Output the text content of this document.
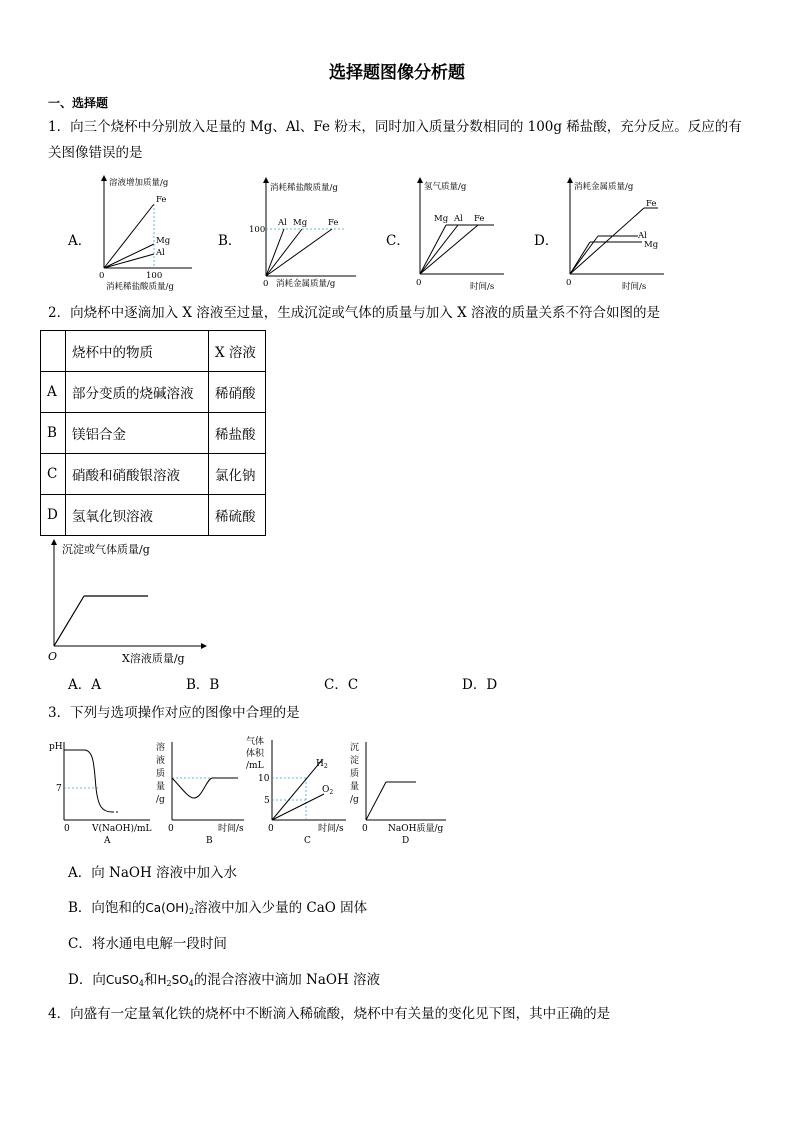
选择题图像分析题
一、选择题
1．向三个烧杯中分别放入足量的 Mg、Al、Fe 粉末，同时加入质量分数相同的 100g 稀盐酸，充分反应。反应的有关图像错误的是
A．	B．	C．	D．
溶液增加质量/g
Fe
Mg
Al
0	100
消耗稀盐酸质量/g
消耗稀盐酸质量/g
100
Al Mg Fe
0 消耗金属质量/g
氢气质量/g
Mg Al Fe
0	时间/s
消耗金属质量/g
Fe
Al
Mg
0	时间/s
2．向烧杯中逐滴加入 X 溶液至过量，生成沉淀或气体的质量与加入 X 溶液的质量关系不符合如图的是
	烧杯中的物质	X 溶液
A	部分变质的烧碱溶液	稀硝酸
B	镁铝合金	稀盐酸
C	硝酸和硝酸银溶液	氯化钠
D	氢氧化钡溶液	稀硫酸
沉淀或气体质量/g
O	X溶液质量/g
A．A	B．B	C．C	D．D
3．下列与选项操作对应的图像中合理的是
pH
7
0 V(NaOH)/mL
A
溶
液
质
量
/g
0	时间/s
B
气体
体积
/mL
10
5
$H_2$
$O_2$
0	时间/s
C
沉
淀
质
量
/g
0 NaOH质量/g
D
A．向 NaOH 溶液中加入水
B．向饱和的$Ca(OH)_2$溶液中加入少量的 CaO 固体
C．将水通电电解一段时间
D．向CuSO$_4$和$H_2SO_4$的混合溶液中滴加 NaOH 溶液
4．向盛有一定量氧化铁的烧杯中不断滴入稀硫酸，烧杯中有关量的变化见下图，其中正确的是
